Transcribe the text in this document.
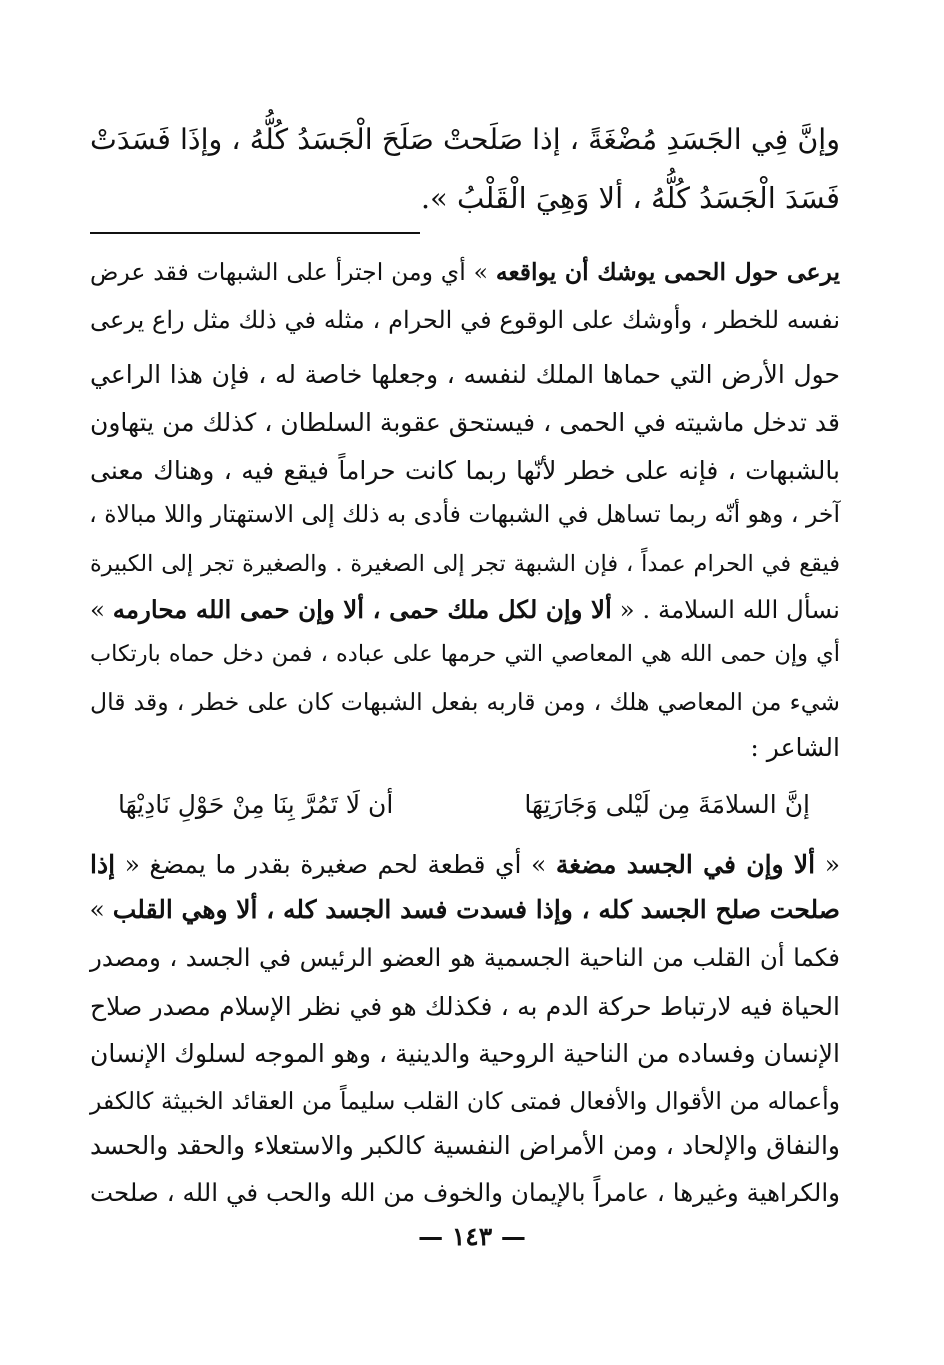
وإنَّ فِي الجَسَدِ مُضْغَةً ، إذا صَلَحتْ صَلَحَ الْجَسَدُ كُلُّهُ ، وإذَا فَسَدَتْ
فَسَدَ الْجَسَدُ كُلُّهُ ، ألا وَهِيَ الْقَلْبُ ».
يرعى حول الحمى يوشك أن يواقعه » أي ومن اجترأ على الشبهات فقد عرض
نفسه للخطر ، وأوشك على الوقوع في الحرام ، مثله في ذلك مثل راع يرعى
حول الأرض التي حماها الملك لنفسه ، وجعلها خاصة له ، فإن هذا الراعي
قد تدخل ماشيته في الحمى ، فيستحق عقوبة السلطان ، كذلك من يتهاون
بالشبهات ، فإنه على خطر لأنّها ربما كانت حراماً فيقع فيه ، وهناك معنى
آخر ، وهو أنّه ربما تساهل في الشبهات فأدى به ذلك إلى الاستهتار واللا مبالاة ،
فيقع في الحرام عمداً ، فإن الشبهة تجر إلى الصغيرة . والصغيرة تجر إلى الكبيرة
نسأل الله السلامة . « ألا وإن لكل ملك حمى ، ألا وإن حمى الله محارمه »
أي وإن حمى الله هي المعاصي التي حرمها على عباده ، فمن دخل حماه بارتكاب
شيء من المعاصي هلك ، ومن قاربه بفعل الشبهات كان على خطر ، وقد قال
الشاعر :
إنَّ السلامَةَ مِن لَيْلى وَجَارَتِهَا
أن لَا تَمُرَّ بِنَا مِنْ حَوْلِ نَادِيْهَا
« ألا وإن في الجسد مضغة » أي قطعة لحم صغيرة بقدر ما يمضغ « إذا
صلحت صلح الجسد كله ، وإذا فسدت فسد الجسد كله ، ألا وهي القلب »
فكما أن القلب من الناحية الجسمية هو العضو الرئيس في الجسد ، ومصدر
الحياة فيه لارتباط حركة الدم به ، فكذلك هو في نظر الإسلام مصدر صلاح
الإنسان وفساده من الناحية الروحية والدينية ، وهو الموجه لسلوك الإنسان
وأعماله من الأقوال والأفعال فمتى كان القلب سليماً من العقائد الخبيثة كالكفر
والنفاق والإلحاد ، ومن الأمراض النفسية كالكبر والاستعلاء والحقد والحسد
والكراهية وغيرها ، عامراً بالإيمان والخوف من الله والحب في الله ، صلحت
— ١٤٣ —
